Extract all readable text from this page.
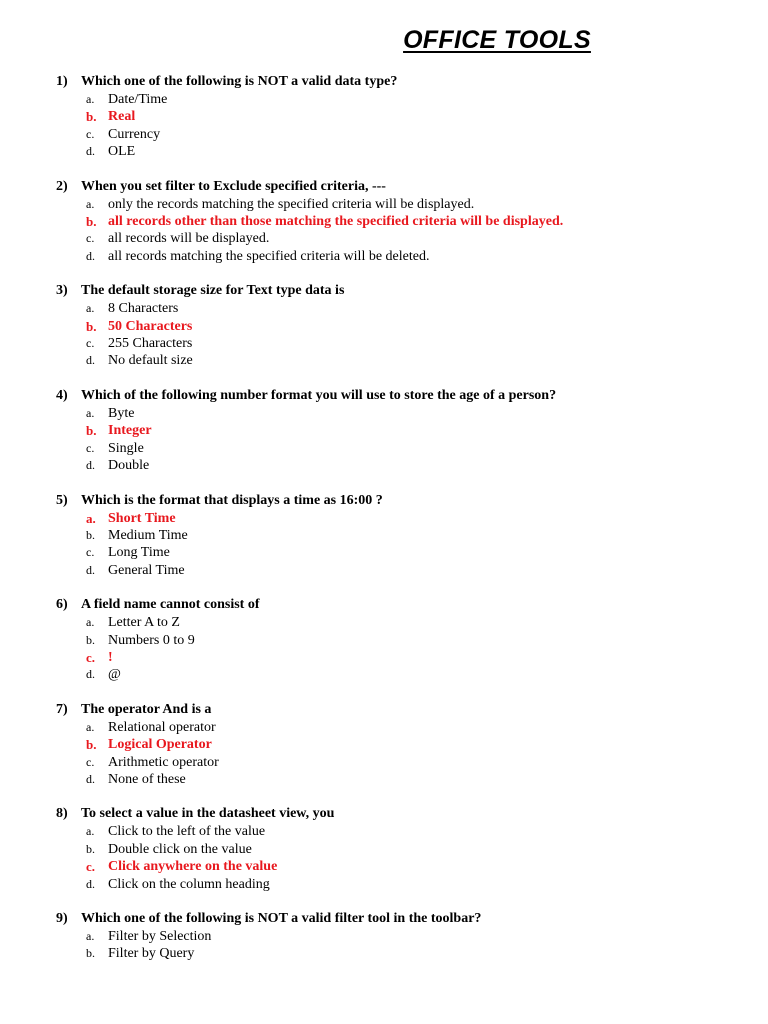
OFFICE TOOLS
1) Which one of the following is NOT a valid data type?
a. Date/Time
b. Real
c. Currency
d. OLE
2) When you set filter to Exclude specified criteria, ---
a. only the records matching the specified criteria will be displayed.
b. all records other than those matching the specified criteria will be displayed.
c. all records will be displayed.
d. all records matching the specified criteria will be deleted.
3) The default storage size for Text type data is
a. 8 Characters
b. 50 Characters
c. 255 Characters
d. No default size
4) Which of the following number format you will use to store the age of a person?
a. Byte
b. Integer
c. Single
d. Double
5) Which is the format that displays a time as 16:00 ?
a. Short Time
b. Medium Time
c. Long Time
d. General Time
6) A field name cannot consist of
a. Letter A to Z
b. Numbers 0 to 9
c. !
d. @
7) The operator And is a
a. Relational operator
b. Logical Operator
c. Arithmetic operator
d. None of these
8) To select a value in the datasheet view, you
a. Click to the left of the value
b. Double click on the value
c. Click anywhere on the value
d. Click on the column heading
9) Which one of the following is NOT a valid filter tool in the toolbar?
a. Filter by Selection
b. Filter by Query
